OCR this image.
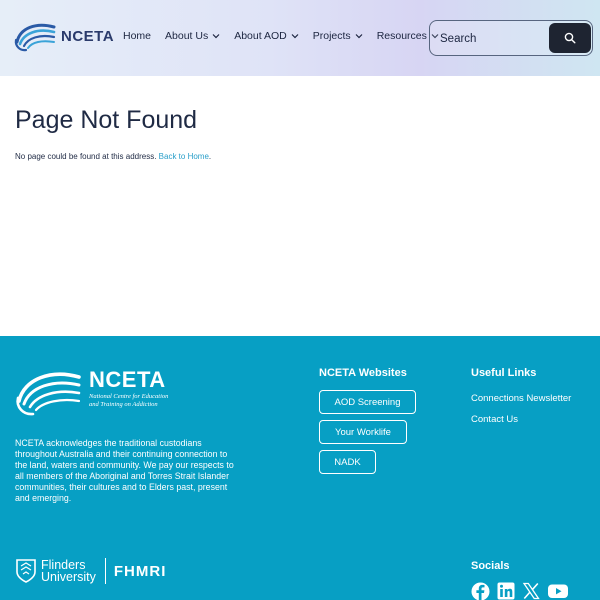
NCETA Home About Us About AOD Projects Resources
Search
Page Not Found

No page could be found at this address. Back to Home.

NCETA
National Centre for Education
and Training on Addiction

NCETA acknowledges the traditional custodians throughout Australia and their continuing connection to the land, waters and community. We pay our respects to all members of the Aboriginal and Torres Strait Islander communities, their cultures and to Elders past, present and emerging.

NCETA Websites
AOD Screening
Your Worklife
NADK
Useful Links
Connections Newsletter
Contact Us
Flinders
University FHMRI	Socials
